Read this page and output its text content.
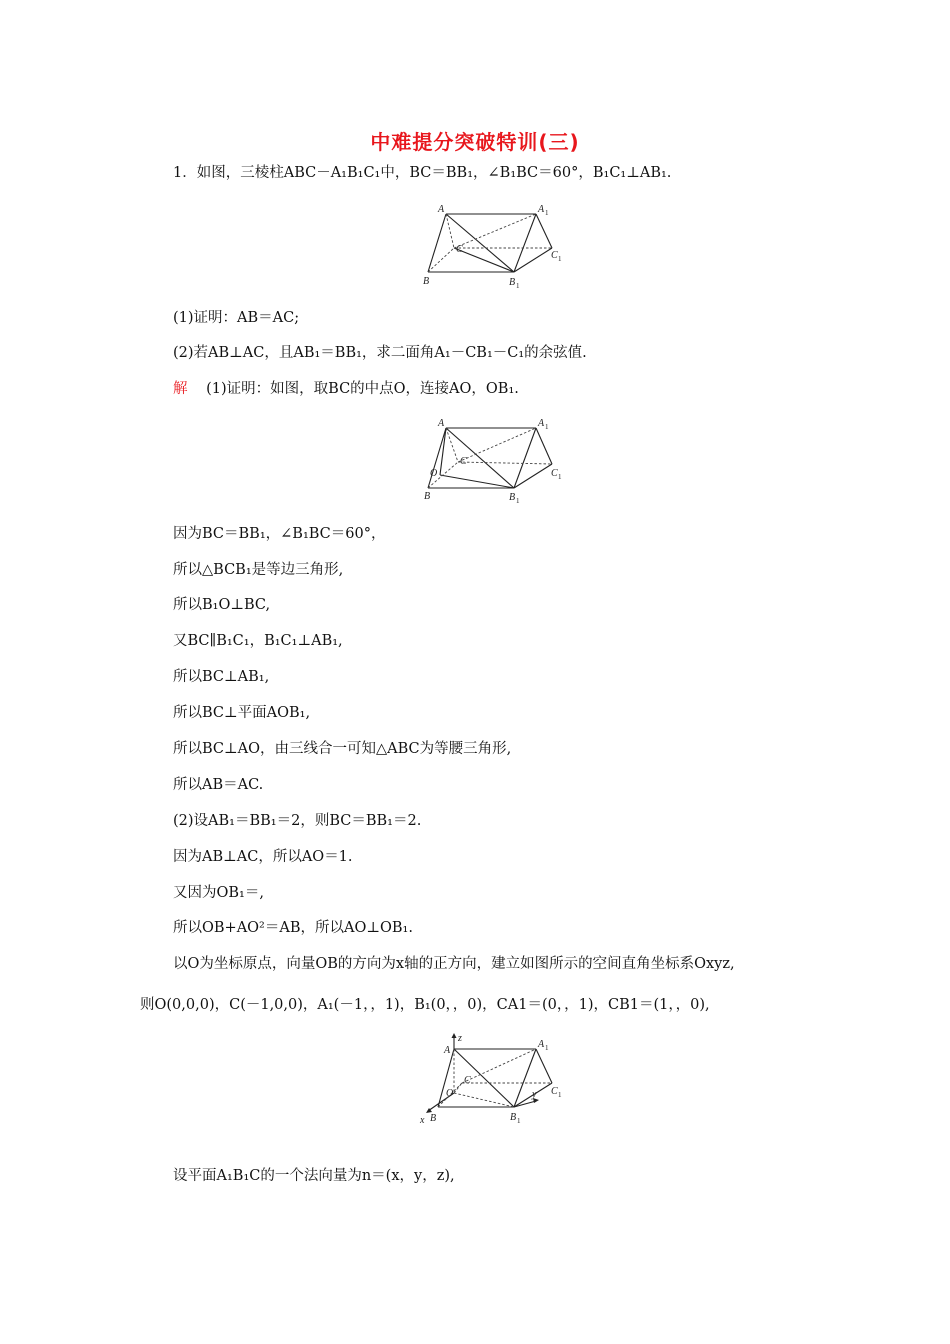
中难提分突破特训(三)
1．如图，三棱柱ABC－A₁B₁C₁中，BC＝BB₁，∠B₁BC＝60°，B₁C₁⊥AB₁.
A	A 1
C
C 1
B	B 1
(1)证明：AB＝AC;
(2)若AB⊥AC，且AB₁＝BB₁，求二面角A₁－CB₁－C₁的余弦值.
解 (1)证明：如图，取BC的中点O，连接AO，OB₁.
A	A 1
C
C 1
O
B	B 1
因为BC＝BB₁，∠B₁BC＝60°，
所以△BCB₁是等边三角形,
所以B₁O⊥BC,
又BC∥B₁C₁，B₁C₁⊥AB₁,
所以BC⊥AB₁,
所以BC⊥平面AOB₁,
所以BC⊥AO，由三线合一可知△ABC为等腰三角形,
所以AB＝AC.
(2)设AB₁＝BB₁＝2，则BC＝BB₁＝2.
因为AB⊥AC，所以AO＝1.
又因为OB₁＝,
所以OB+AO²＝AB，所以AO⊥OB₁.
以O为坐标原点，向量OB的方向为x轴的正方向，建立如图所示的空间直角坐标系Oxyz,
则O(0,0,0)，C(－1,0,0)，A₁(－1，，1)，B₁(0，，0)，CA1＝(0，，1)，CB1＝(1，，0),
z
A
A 1
C
C 1
O
B
x	B 1
y
设平面A₁B₁C的一个法向量为n＝(x，y，z),
